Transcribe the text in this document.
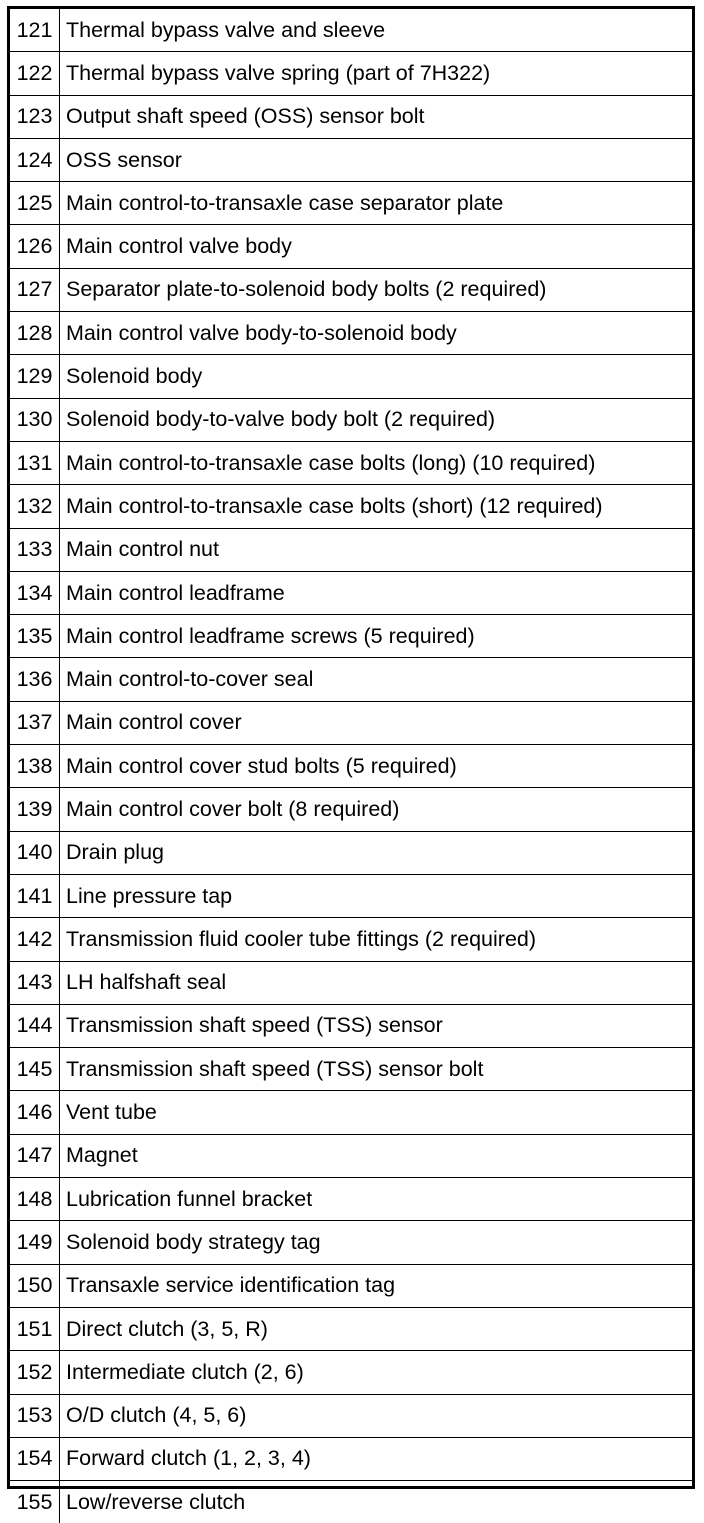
121	Thermal bypass valve and sleeve
122	Thermal bypass valve spring (part of 7H322)
123	Output shaft speed (OSS) sensor bolt
124	OSS sensor
125	Main control-to-transaxle case separator plate
126	Main control valve body
127	Separator plate-to-solenoid body bolts (2 required)
128	Main control valve body-to-solenoid body
129	Solenoid body
130	Solenoid body-to-valve body bolt (2 required)
131	Main control-to-transaxle case bolts (long) (10 required)
132	Main control-to-transaxle case bolts (short) (12 required)
133	Main control nut
134	Main control leadframe
135	Main control leadframe screws (5 required)
136	Main control-to-cover seal
137	Main control cover
138	Main control cover stud bolts (5 required)
139	Main control cover bolt (8 required)
140	Drain plug
141	Line pressure tap
142	Transmission fluid cooler tube fittings (2 required)
143	LH halfshaft seal
144	Transmission shaft speed (TSS) sensor
145	Transmission shaft speed (TSS) sensor bolt
146	Vent tube
147	Magnet
148	Lubrication funnel bracket
149	Solenoid body strategy tag
150	Transaxle service identification tag
151	Direct clutch (3, 5, R)
152	Intermediate clutch (2, 6)
153	O/D clutch (4, 5, 6)
154	Forward clutch (1, 2, 3, 4)
155	Low/reverse clutch
